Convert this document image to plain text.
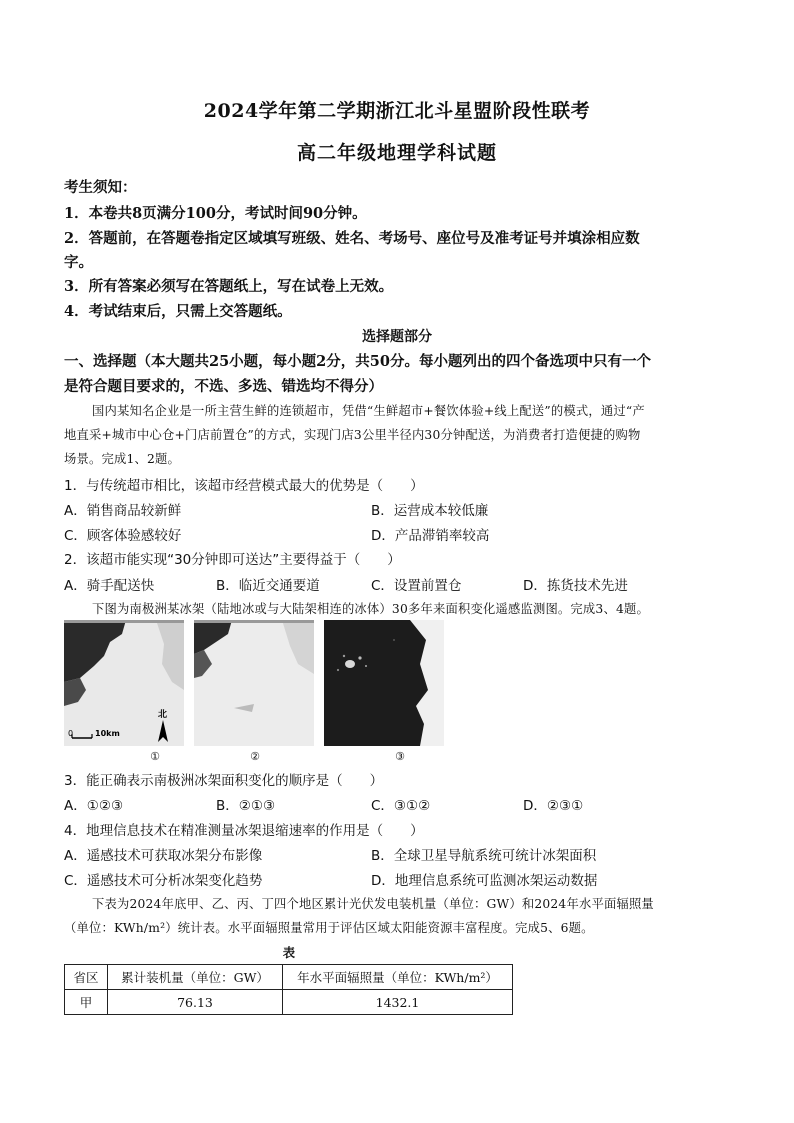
2024学年第二学期浙江北斗星盟阶段性联考
高二年级地理学科试题
考生须知：
1．本卷共8页满分100分，考试时间90分钟。
2．答题前，在答题卷指定区域填写班级、姓名、考场号、座位号及准考证号并填涂相应数
字。
3．所有答案必须写在答题纸上，写在试卷上无效。
4．考试结束后，只需上交答题纸。
选择题部分
一、选择题（本大题共25小题，每小题2分，共50分。每小题列出的四个备选项中只有一个
是符合题目要求的，不选、多选、错选均不得分）
国内某知名企业是一所主营生鲜的连锁超市，凭借“生鲜超市+餐饮体验+线上配送”的模式，通过“产
地直采+城市中心仓+门店前置仓”的方式，实现门店3公里半径内30分钟配送，为消费者打造便捷的购物
场景。完成1、2题。
1．与传统超市相比，该超市经营模式最大的优势是（　　）
A．销售商品较新鲜	B．运营成本较低廉
C．顾客体验感较好	D．产品滞销率较高
2．该超市能实现“30分钟即可送达”主要得益于（　　）
A．骑手配送快	B．临近交通要道	C．设置前置仓	D．拣货技术先进
下图为南极洲某冰架（陆地冰或与大陆架相连的冰体）30多年来面积变化遥感监测图。完成3、4题。
0	10km
北
①	②	③
3．能正确表示南极洲冰架面积变化的顺序是（　　）
A．①②③	B．②①③	C．③①②	D．②③①
4．地理信息技术在精准测量冰架退缩速率的作用是（　　）
A．遥感技术可获取冰架分布影像	B．全球卫星导航系统可统计冰架面积
C．遥感技术可分析冰架变化趋势	D．地理信息系统可监测冰架运动数据
下表为2024年底甲、乙、丙、丁四个地区累计光伏发电装机量（单位：GW）和2024年水平面辐照量
（单位：KWh/m²）统计表。水平面辐照量常用于评估区域太阳能资源丰富程度。完成5、6题。
表
省区	累计装机量（单位：GW）	年水平面辐照量（单位：KWh/m²）
甲	76.13	1432.1
